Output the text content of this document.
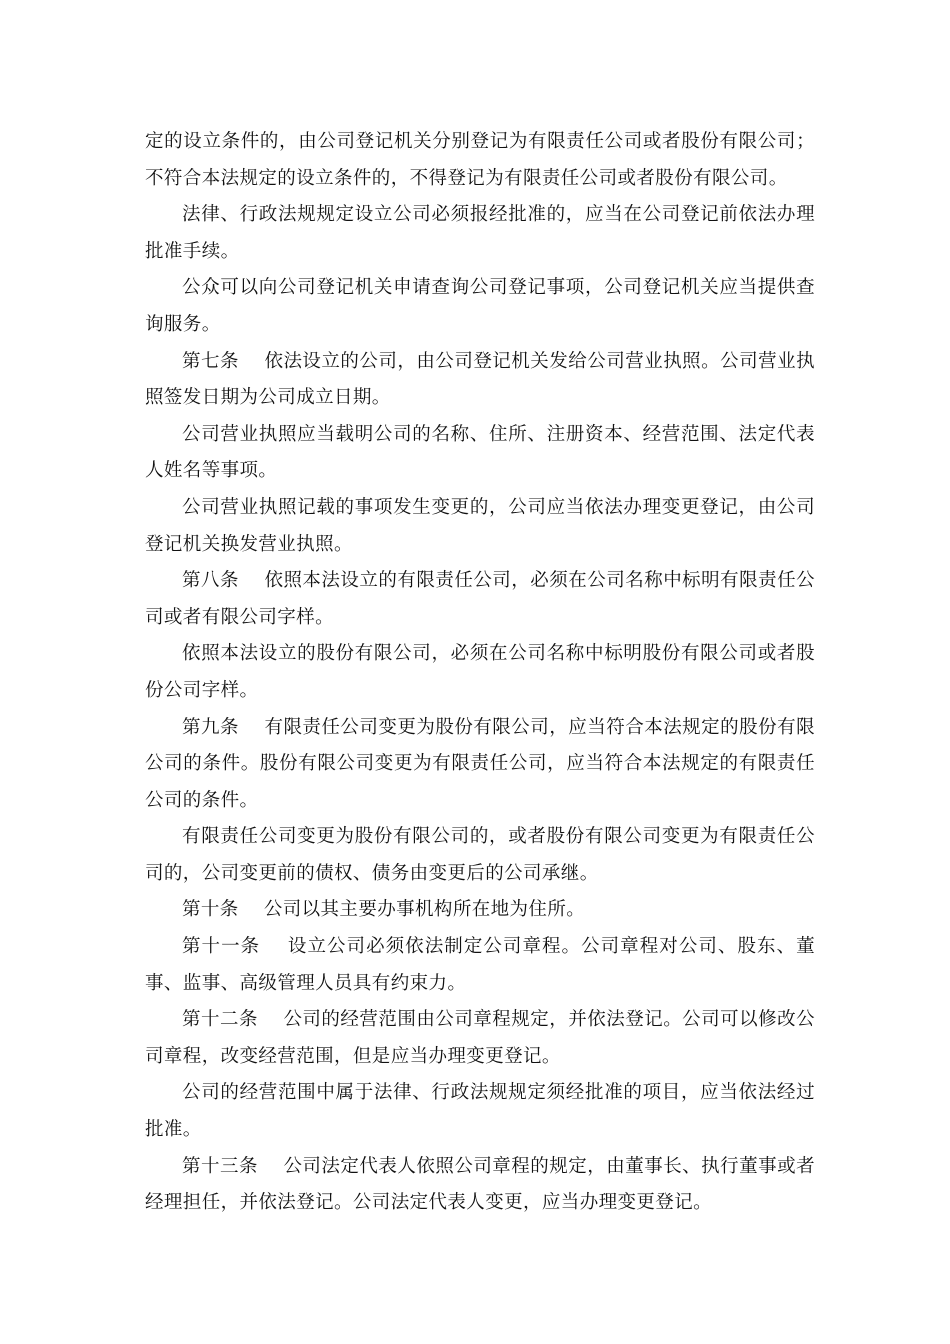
定的设立条件的，由公司登记机关分别登记为有限责任公司或者股份有限公司；不符合本法规定的设立条件的，不得登记为有限责任公司或者股份有限公司。

法律、行政法规规定设立公司必须报经批准的，应当在公司登记前依法办理批准手续。

公众可以向公司登记机关申请查询公司登记事项，公司登记机关应当提供查询服务。

第七条 依法设立的公司，由公司登记机关发给公司营业执照。公司营业执照签发日期为公司成立日期。

公司营业执照应当载明公司的名称、住所、注册资本、经营范围、法定代表人姓名等事项。

公司营业执照记载的事项发生变更的，公司应当依法办理变更登记，由公司登记机关换发营业执照。

第八条 依照本法设立的有限责任公司，必须在公司名称中标明有限责任公司或者有限公司字样。

依照本法设立的股份有限公司，必须在公司名称中标明股份有限公司或者股份公司字样。

第九条 有限责任公司变更为股份有限公司，应当符合本法规定的股份有限公司的条件。股份有限公司变更为有限责任公司，应当符合本法规定的有限责任公司的条件。

有限责任公司变更为股份有限公司的，或者股份有限公司变更为有限责任公司的，公司变更前的债权、债务由变更后的公司承继。

第十条 公司以其主要办事机构所在地为住所。

第十一条 设立公司必须依法制定公司章程。公司章程对公司、股东、董事、监事、高级管理人员具有约束力。

第十二条 公司的经营范围由公司章程规定，并依法登记。公司可以修改公司章程，改变经营范围，但是应当办理变更登记。

公司的经营范围中属于法律、行政法规规定须经批准的项目，应当依法经过批准。

第十三条 公司法定代表人依照公司章程的规定，由董事长、执行董事或者经理担任，并依法登记。公司法定代表人变更，应当办理变更登记。
